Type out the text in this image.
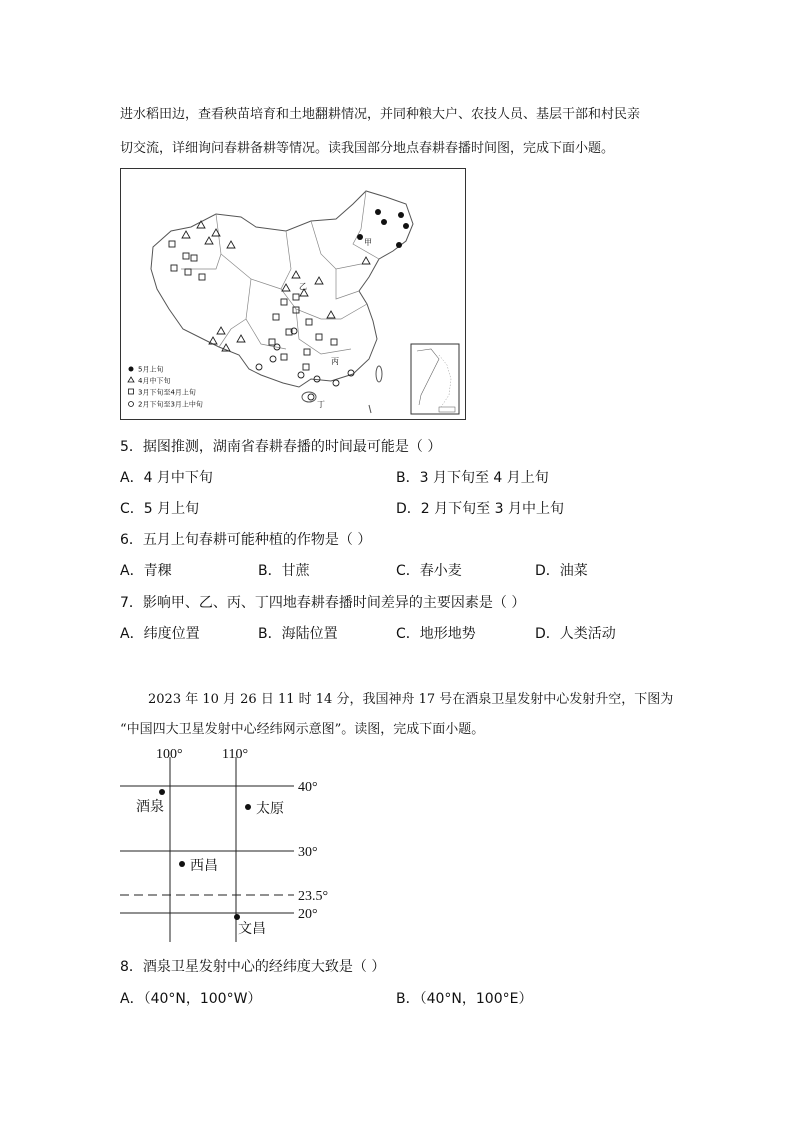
进水稻田边，查看秧苗培育和土地翻耕情况，并同种粮大户、农技人员、基层干部和村民亲
切交流，详细询问春耕备耕等情况。读我国部分地点春耕春播时间图，完成下面小题。
5月上旬
4月中下旬
3月下旬至4月上旬
2月下旬至3月上中旬
甲
乙
丙
丁
5．据图推测，湖南省春耕春播的时间最可能是（ ）
A．4 月中下旬	B．3 月下旬至 4 月上旬
C．5 月上旬	D．2 月下旬至 3 月中上旬
6．五月上旬春耕可能种植的作物是（ ）
A．青稞	B．甘蔗	C．春小麦	D．油菜
7．影响甲、乙、丙、丁四地春耕春播时间差异的主要因素是（ ）
A．纬度位置	B．海陆位置	C．地形地势	D．人类活动
2023 年 10 月 26 日 11 时 14 分，我国神舟 17 号在酒泉卫星发射中心发射升空，下图为
“中国四大卫星发射中心经纬网示意图”。读图，完成下面小题。
100°	110°
40°
30°
23.5°
20°
酒泉	太原
西昌
文昌
8．酒泉卫星发射中心的经纬度大致是（ ）
A．（40°N，100°W）	B．（40°N，100°E）
